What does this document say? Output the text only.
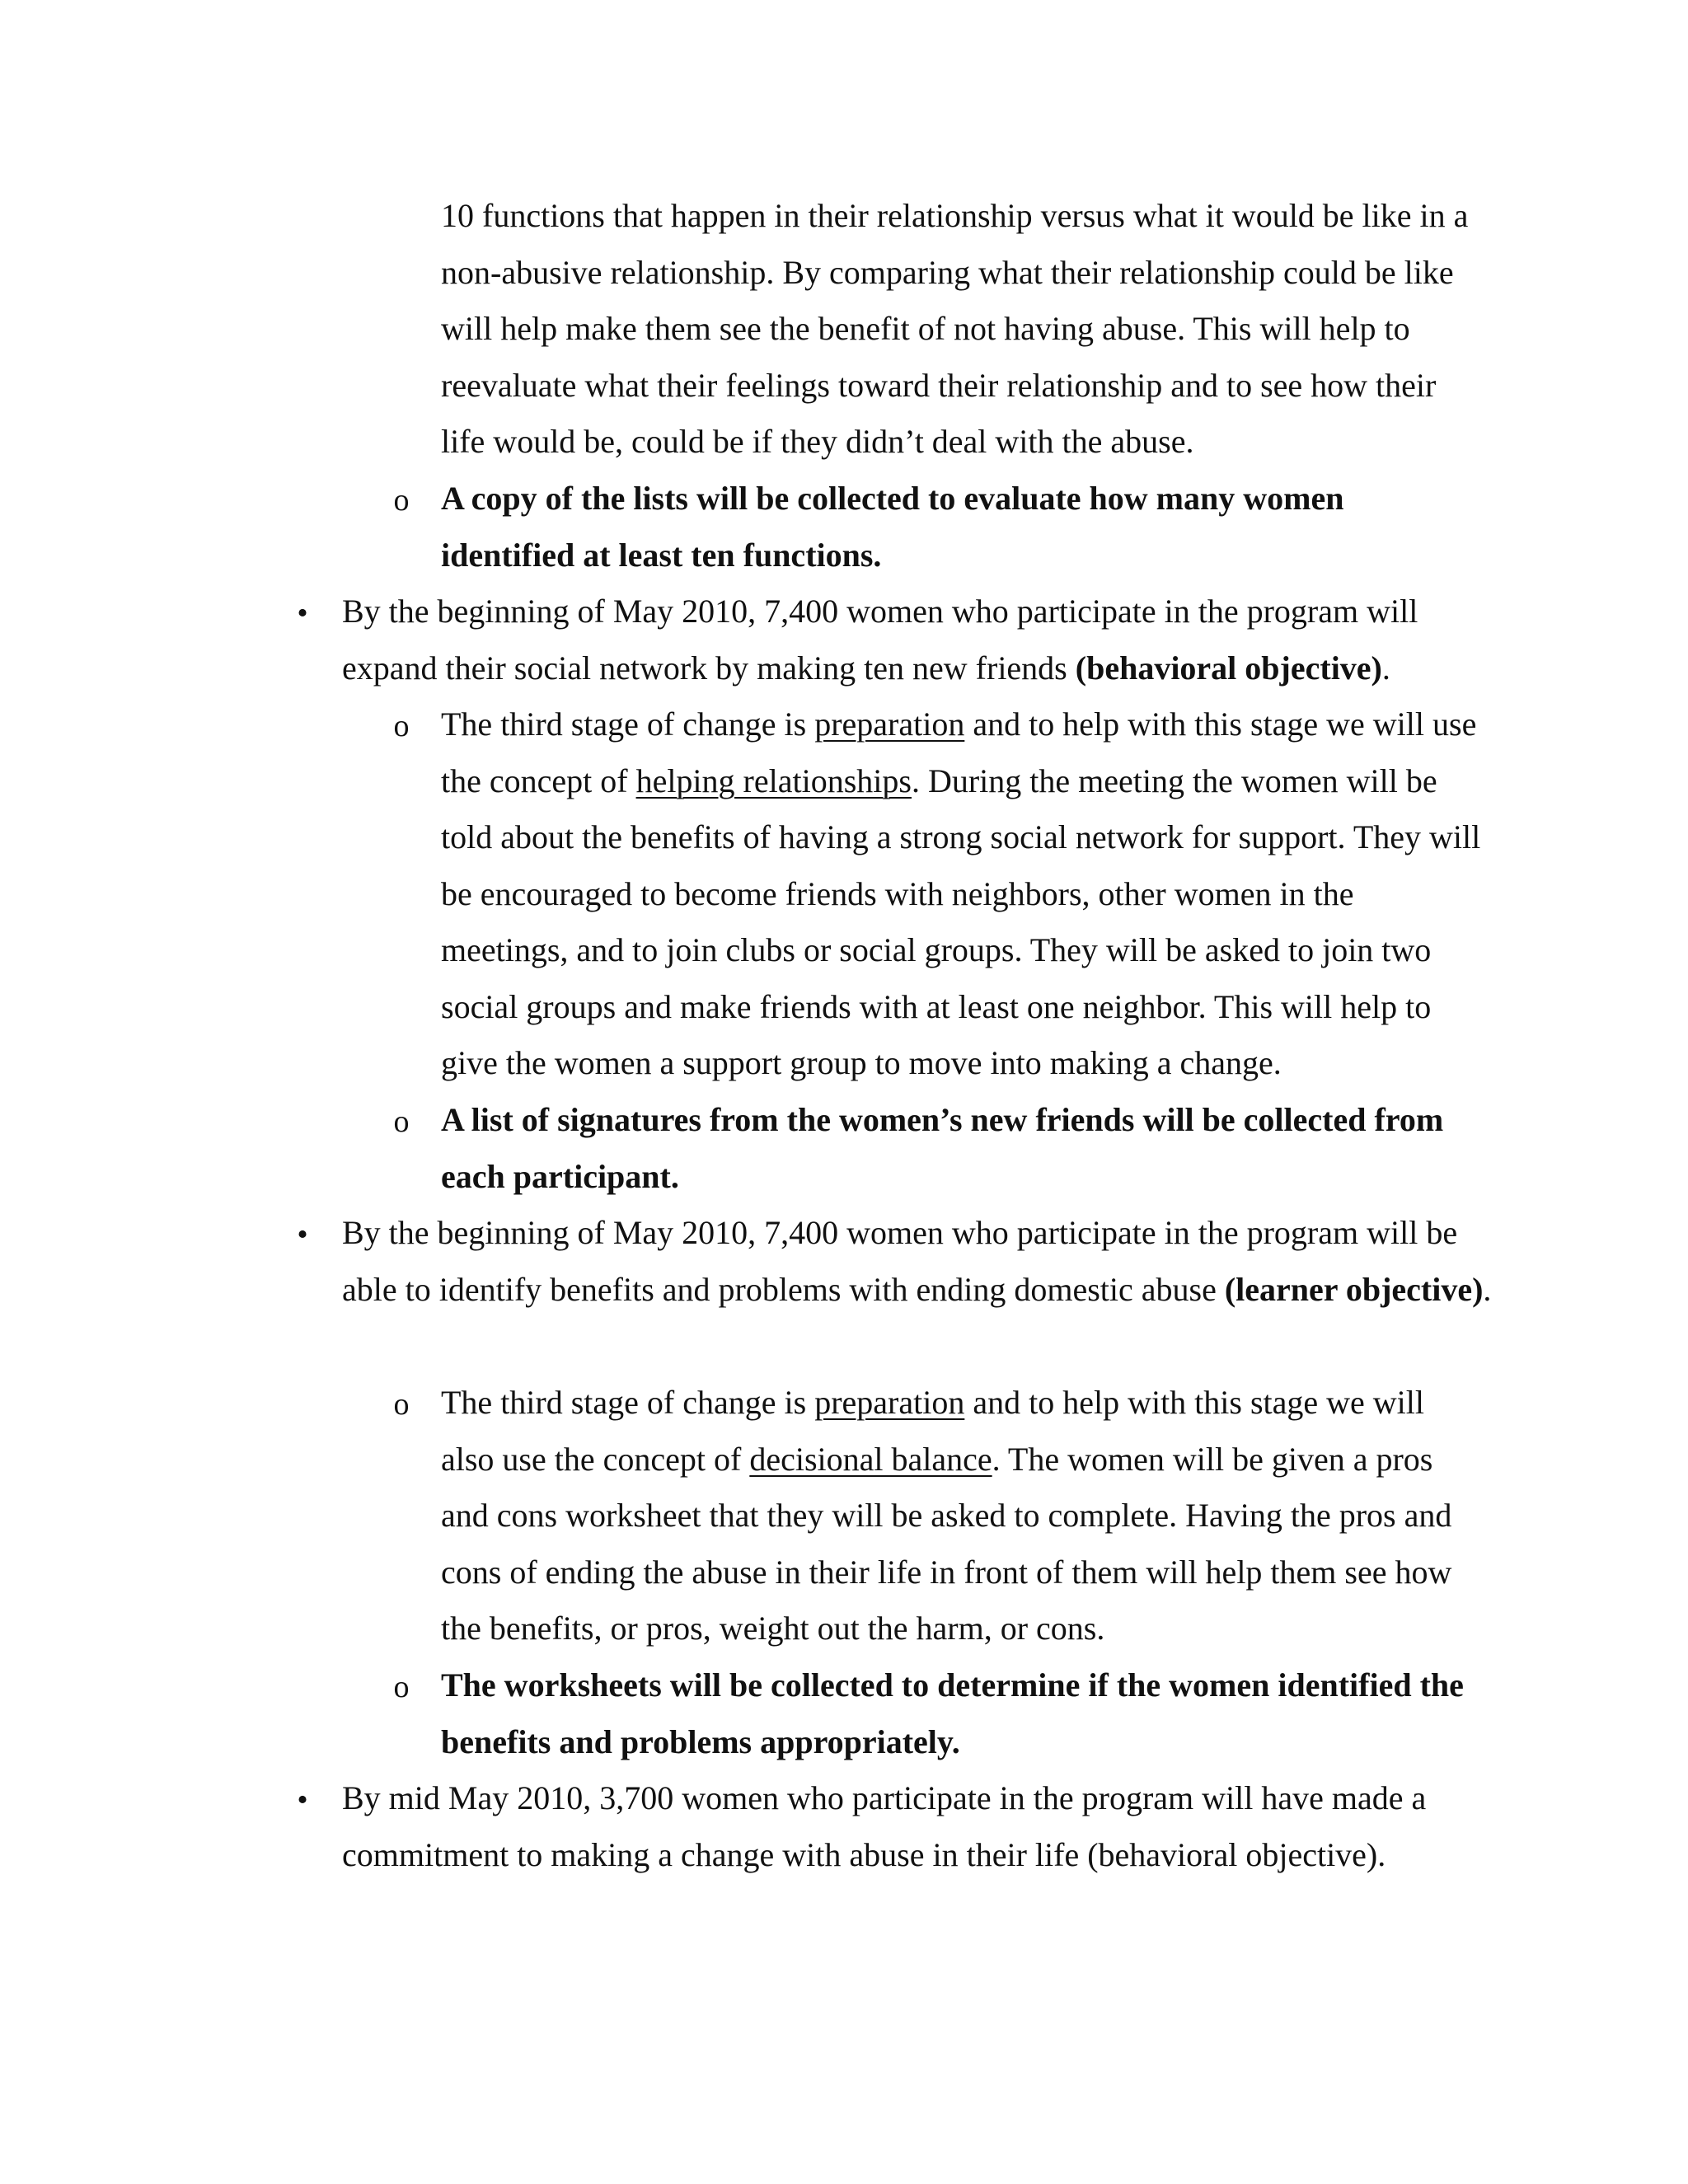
10 functions that happen in their relationship versus what it would be like in a non-abusive relationship. By comparing what their relationship could be like will help make them see the benefit of not having abuse. This will help to reevaluate what their feelings toward their relationship and to see how their life would be, could be if they didn’t deal with the abuse.

o A copy of the lists will be collected to evaluate how many women identified at least ten functions.

• By the beginning of May 2010, 7,400 women who participate in the program will expand their social network by making ten new friends (behavioral objective).

o The third stage of change is preparation and to help with this stage we will use the concept of helping relationships. During the meeting the women will be told about the benefits of having a strong social network for support. They will be encouraged to become friends with neighbors, other women in the meetings, and to join clubs or social groups. They will be asked to join two social groups and make friends with at least one neighbor. This will help to give the women a support group to move into making a change.

o A list of signatures from the women’s new friends will be collected from each participant.

• By the beginning of May 2010, 7,400 women who participate in the program will be able to identify benefits and problems with ending domestic abuse (learner objective).

o The third stage of change is preparation and to help with this stage we will also use the concept of decisional balance. The women will be given a pros and cons worksheet that they will be asked to complete. Having the pros and cons of ending the abuse in their life in front of them will help them see how the benefits, or pros, weight out the harm, or cons.

o The worksheets will be collected to determine if the women identified the benefits and problems appropriately.

• By mid May 2010, 3,700 women who participate in the program will have made a commitment to making a change with abuse in their life (behavioral objective).
